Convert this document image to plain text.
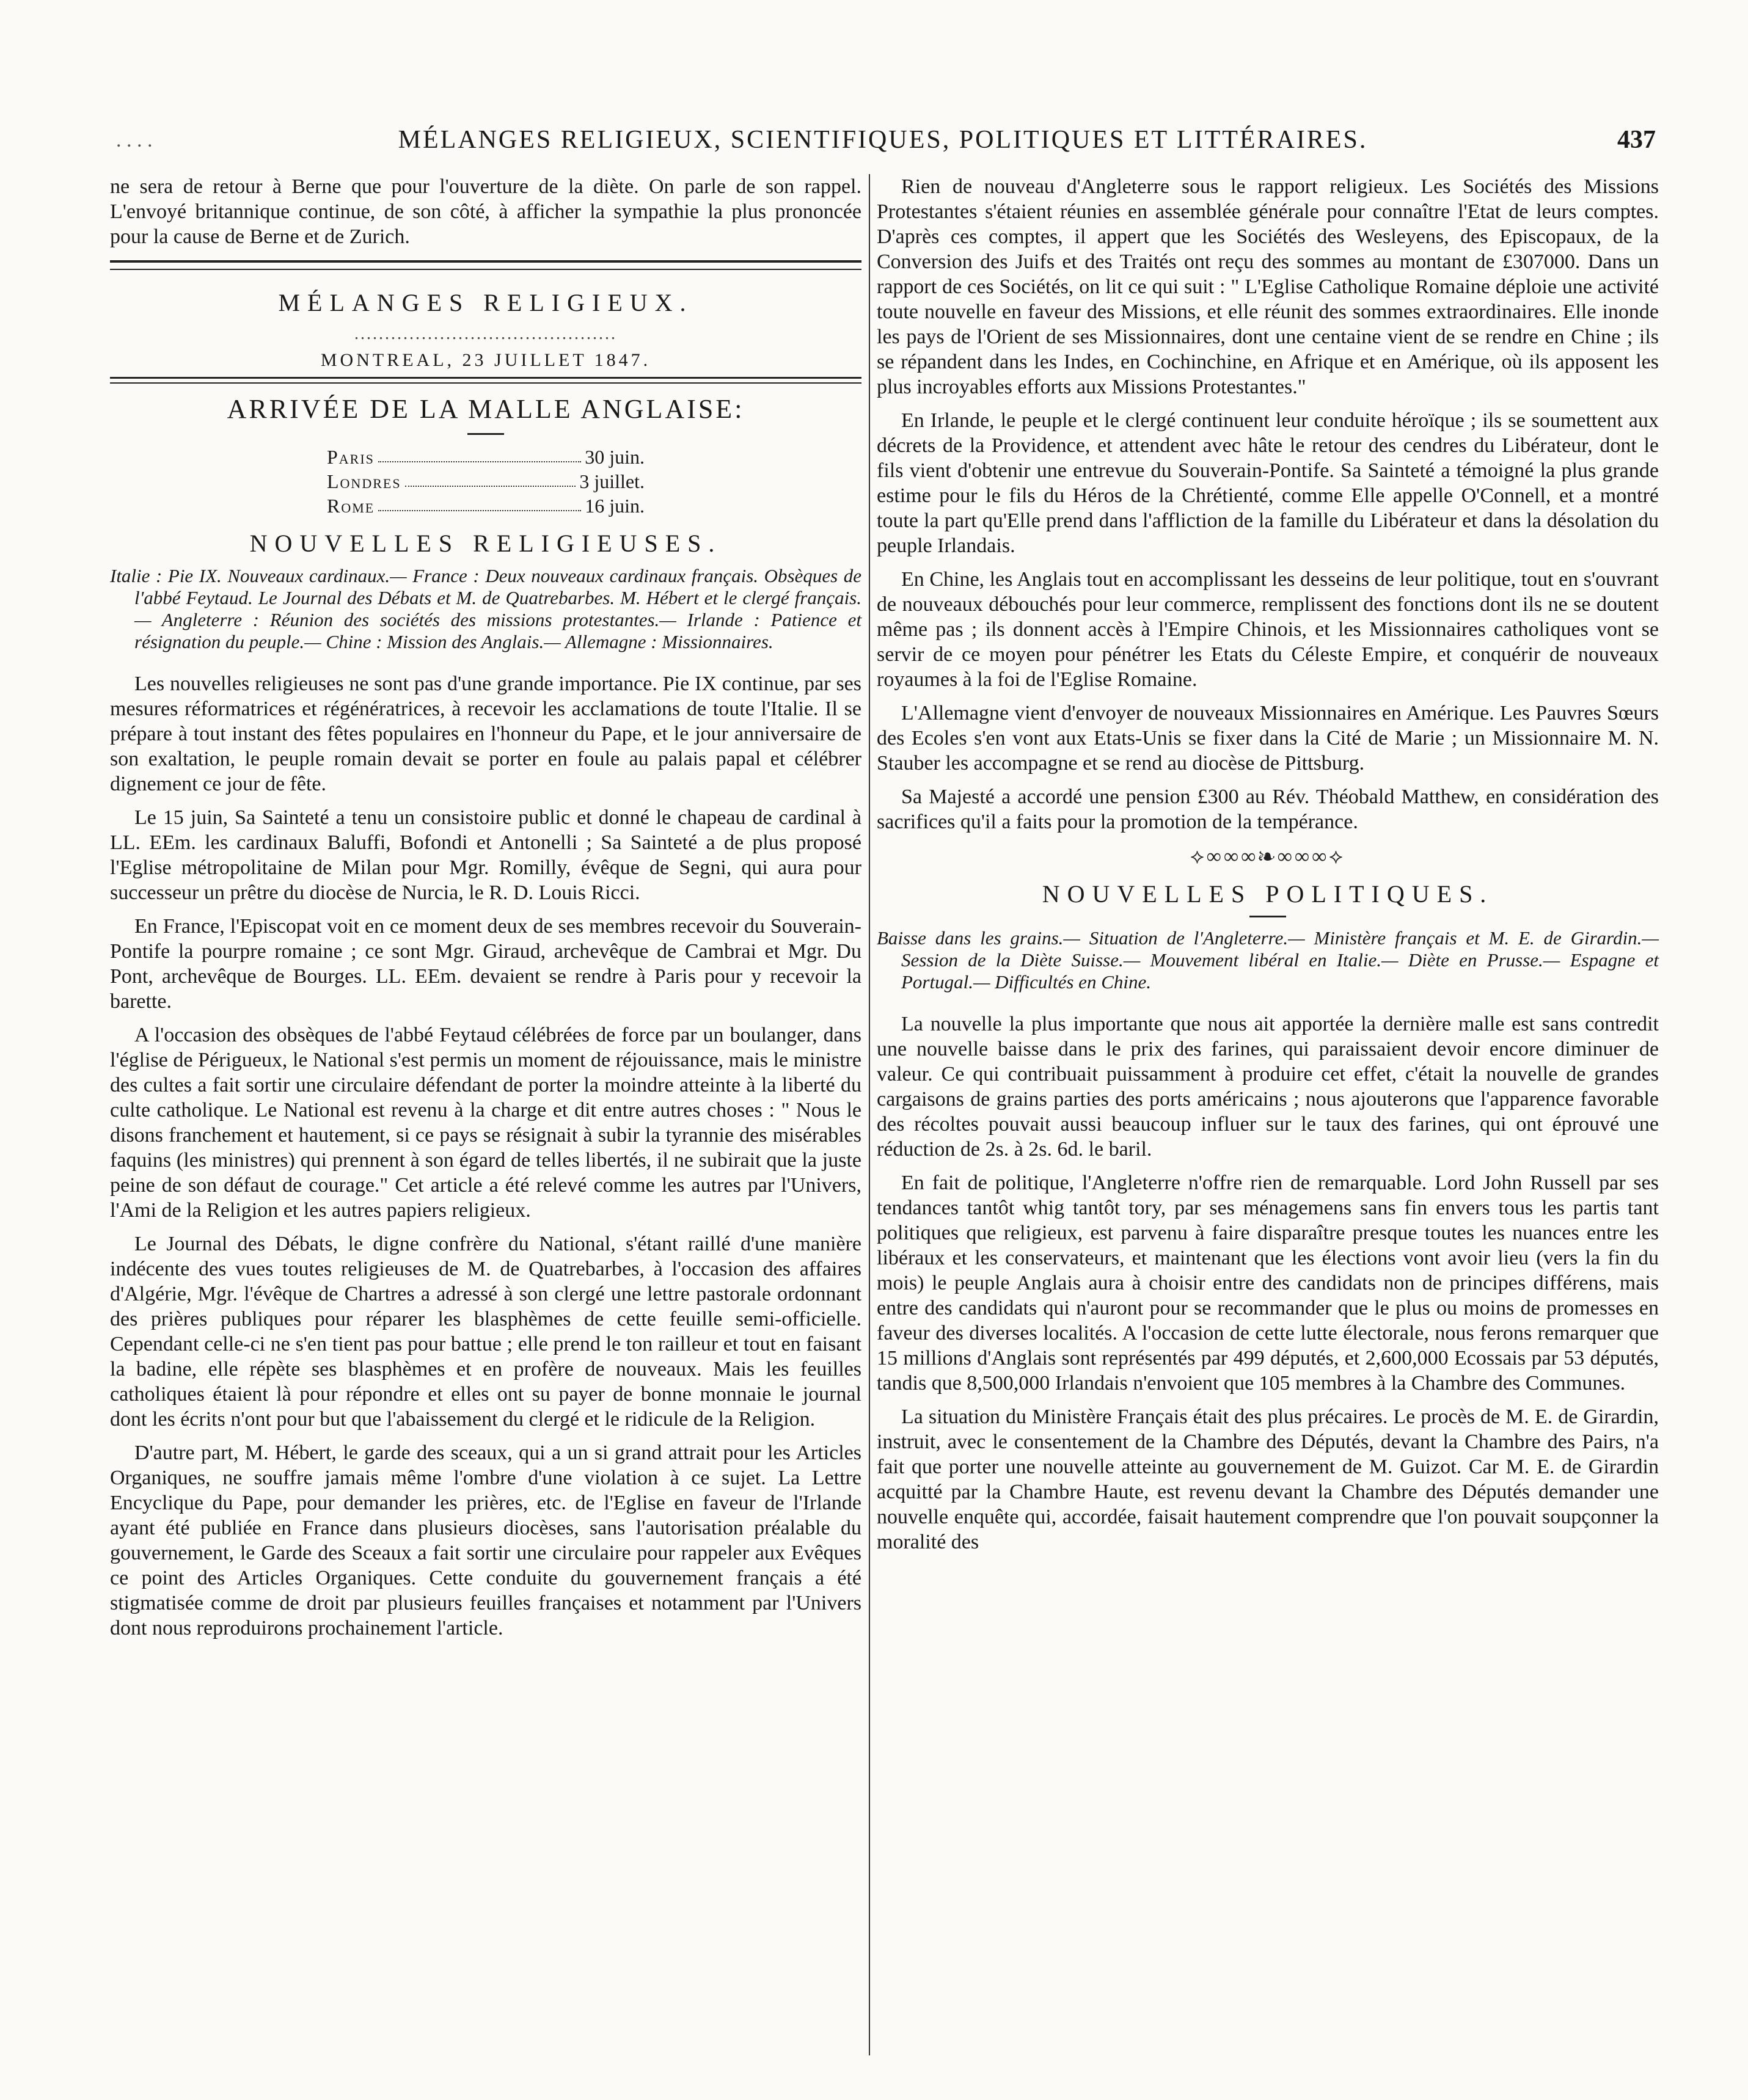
. . . .	MÉLANGES RELIGIEUX, SCIENTIFIQUES, POLITIQUES ET LITTÉRAIRES.	437

ne sera de retour à Berne que pour l'ouverture de la diète. On parle de son rappel. L'envoyé britannique continue, de son côté, à afficher la sympathie la plus prononcée pour la cause de Berne et de Zurich.

MÉLANGES RELIGIEUX.
...........................................
MONTREAL, 23 JUILLET 1847.
ARRIVÉE DE LA MALLE ANGLAISE:
Paris	30 juin.
Londres	3 juillet.
Rome	16 juin.
NOUVELLES RELIGIEUSES.
Italie : Pie IX. Nouveaux cardinaux.— France : Deux nouveaux cardinaux français. Obsèques de l'abbé Feytaud. Le Journal des Débats et M. de Quatrebarbes. M. Hébert et le clergé français.— Angleterre : Réunion des sociétés des missions protestantes.— Irlande : Patience et résignation du peuple.— Chine : Mission des Anglais.— Allemagne : Missionnaires.

Les nouvelles religieuses ne sont pas d'une grande importance. Pie IX continue, par ses mesures réformatrices et régénératrices, à recevoir les acclamations de toute l'Italie. Il se prépare à tout instant des fêtes populaires en l'honneur du Pape, et le jour anniversaire de son exaltation, le peuple romain devait se porter en foule au palais papal et célébrer dignement ce jour de fête.

Le 15 juin, Sa Sainteté a tenu un consistoire public et donné le chapeau de cardinal à LL. EEm. les cardinaux Baluffi, Bofondi et Antonelli ; Sa Sainteté a de plus proposé l'Eglise métropolitaine de Milan pour Mgr. Romilly, évêque de Segni, qui aura pour successeur un prêtre du diocèse de Nurcia, le R. D. Louis Ricci.

En France, l'Episcopat voit en ce moment deux de ses membres recevoir du Souverain-Pontife la pourpre romaine ; ce sont Mgr. Giraud, archevêque de Cambrai et Mgr. Du Pont, archevêque de Bourges. LL. EEm. devaient se rendre à Paris pour y recevoir la barette.

A l'occasion des obsèques de l'abbé Feytaud célébrées de force par un boulanger, dans l'église de Périgueux, le National s'est permis un moment de réjouissance, mais le ministre des cultes a fait sortir une circulaire défendant de porter la moindre atteinte à la liberté du culte catholique. Le National est revenu à la charge et dit entre autres choses : " Nous le disons franchement et hautement, si ce pays se résignait à subir la tyrannie des misérables faquins (les ministres) qui prennent à son égard de telles libertés, il ne subirait que la juste peine de son défaut de courage." Cet article a été relevé comme les autres par l'Univers, l'Ami de la Religion et les autres papiers religieux.

Le Journal des Débats, le digne confrère du National, s'étant raillé d'une manière indécente des vues toutes religieuses de M. de Quatrebarbes, à l'occasion des affaires d'Algérie, Mgr. l'évêque de Chartres a adressé à son clergé une lettre pastorale ordonnant des prières publiques pour réparer les blasphèmes de cette feuille semi-officielle. Cependant celle-ci ne s'en tient pas pour battue ; elle prend le ton railleur et tout en faisant la badine, elle répète ses blasphèmes et en profère de nouveaux. Mais les feuilles catholiques étaient là pour répondre et elles ont su payer de bonne monnaie le journal dont les écrits n'ont pour but que l'abaissement du clergé et le ridicule de la Religion.

D'autre part, M. Hébert, le garde des sceaux, qui a un si grand attrait pour les Articles Organiques, ne souffre jamais même l'ombre d'une violation à ce sujet. La Lettre Encyclique du Pape, pour demander les prières, etc. de l'Eglise en faveur de l'Irlande ayant été publiée en France dans plusieurs diocèses, sans l'autorisation préalable du gouvernement, le Garde des Sceaux a fait sortir une circulaire pour rappeler aux Evêques ce point des Articles Organiques. Cette conduite du gouvernement français a été stigmatisée comme de droit par plusieurs feuilles françaises et notamment par l'Univers dont nous reproduirons prochainement l'article.

Rien de nouveau d'Angleterre sous le rapport religieux. Les Sociétés des Missions Protestantes s'étaient réunies en assemblée générale pour connaître l'Etat de leurs comptes. D'après ces comptes, il appert que les Sociétés des Wesleyens, des Episcopaux, de la Conversion des Juifs et des Traités ont reçu des sommes au montant de £307000. Dans un rapport de ces Sociétés, on lit ce qui suit : " L'Eglise Catholique Romaine déploie une activité toute nouvelle en faveur des Missions, et elle réunit des sommes extraordinaires. Elle inonde les pays de l'Orient de ses Missionnaires, dont une centaine vient de se rendre en Chine ; ils se répandent dans les Indes, en Cochinchine, en Afrique et en Amérique, où ils apposent les plus incroyables efforts aux Missions Protestantes."

En Irlande, le peuple et le clergé continuent leur conduite héroïque ; ils se soumettent aux décrets de la Providence, et attendent avec hâte le retour des cendres du Libérateur, dont le fils vient d'obtenir une entrevue du Souverain-Pontife. Sa Sainteté a témoigné la plus grande estime pour le fils du Héros de la Chrétienté, comme Elle appelle O'Connell, et a montré toute la part qu'Elle prend dans l'affliction de la famille du Libérateur et dans la désolation du peuple Irlandais.

En Chine, les Anglais tout en accomplissant les desseins de leur politique, tout en s'ouvrant de nouveaux débouchés pour leur commerce, remplissent des fonctions dont ils ne se doutent même pas ; ils donnent accès à l'Empire Chinois, et les Missionnaires catholiques vont se servir de ce moyen pour pénétrer les Etats du Céleste Empire, et conquérir de nouveaux royaumes à la foi de l'Eglise Romaine.

L'Allemagne vient d'envoyer de nouveaux Missionnaires en Amérique. Les Pauvres Sœurs des Ecoles s'en vont aux Etats-Unis se fixer dans la Cité de Marie ; un Missionnaire M. N. Stauber les accompagne et se rend au diocèse de Pittsburg.

Sa Majesté a accordé une pension £300 au Rév. Théobald Matthew, en considération des sacrifices qu'il a faits pour la promotion de la tempérance.

⟡∞∞∞❧∞∞∞⟡
NOUVELLES POLITIQUES.
Baisse dans les grains.— Situation de l'Angleterre.— Ministère français et M. E. de Girardin.— Session de la Diète Suisse.— Mouvement libéral en Italie.— Diète en Prusse.— Espagne et Portugal.— Difficultés en Chine.

La nouvelle la plus importante que nous ait apportée la dernière malle est sans contredit une nouvelle baisse dans le prix des farines, qui paraissaient devoir encore diminuer de valeur. Ce qui contribuait puissamment à produire cet effet, c'était la nouvelle de grandes cargaisons de grains parties des ports américains ; nous ajouterons que l'apparence favorable des récoltes pouvait aussi beaucoup influer sur le taux des farines, qui ont éprouvé une réduction de 2s. à 2s. 6d. le baril.

En fait de politique, l'Angleterre n'offre rien de remarquable. Lord John Russell par ses tendances tantôt whig tantôt tory, par ses ménagemens sans fin envers tous les partis tant politiques que religieux, est parvenu à faire disparaître presque toutes les nuances entre les libéraux et les conservateurs, et maintenant que les élections vont avoir lieu (vers la fin du mois) le peuple Anglais aura à choisir entre des candidats non de principes différens, mais entre des candidats qui n'auront pour se recommander que le plus ou moins de promesses en faveur des diverses localités. A l'occasion de cette lutte électorale, nous ferons remarquer que 15 millions d'Anglais sont représentés par 499 députés, et 2,600,000 Ecossais par 53 députés, tandis que 8,500,000 Irlandais n'envoient que 105 membres à la Chambre des Communes.

La situation du Ministère Français était des plus précaires. Le procès de M. E. de Girardin, instruit, avec le consentement de la Chambre des Députés, devant la Chambre des Pairs, n'a fait que porter une nouvelle atteinte au gouvernement de M. Guizot. Car M. E. de Girardin acquitté par la Chambre Haute, est revenu devant la Chambre des Députés demander une nouvelle enquête qui, accordée, faisait hautement comprendre que l'on pouvait soupçonner la moralité des
